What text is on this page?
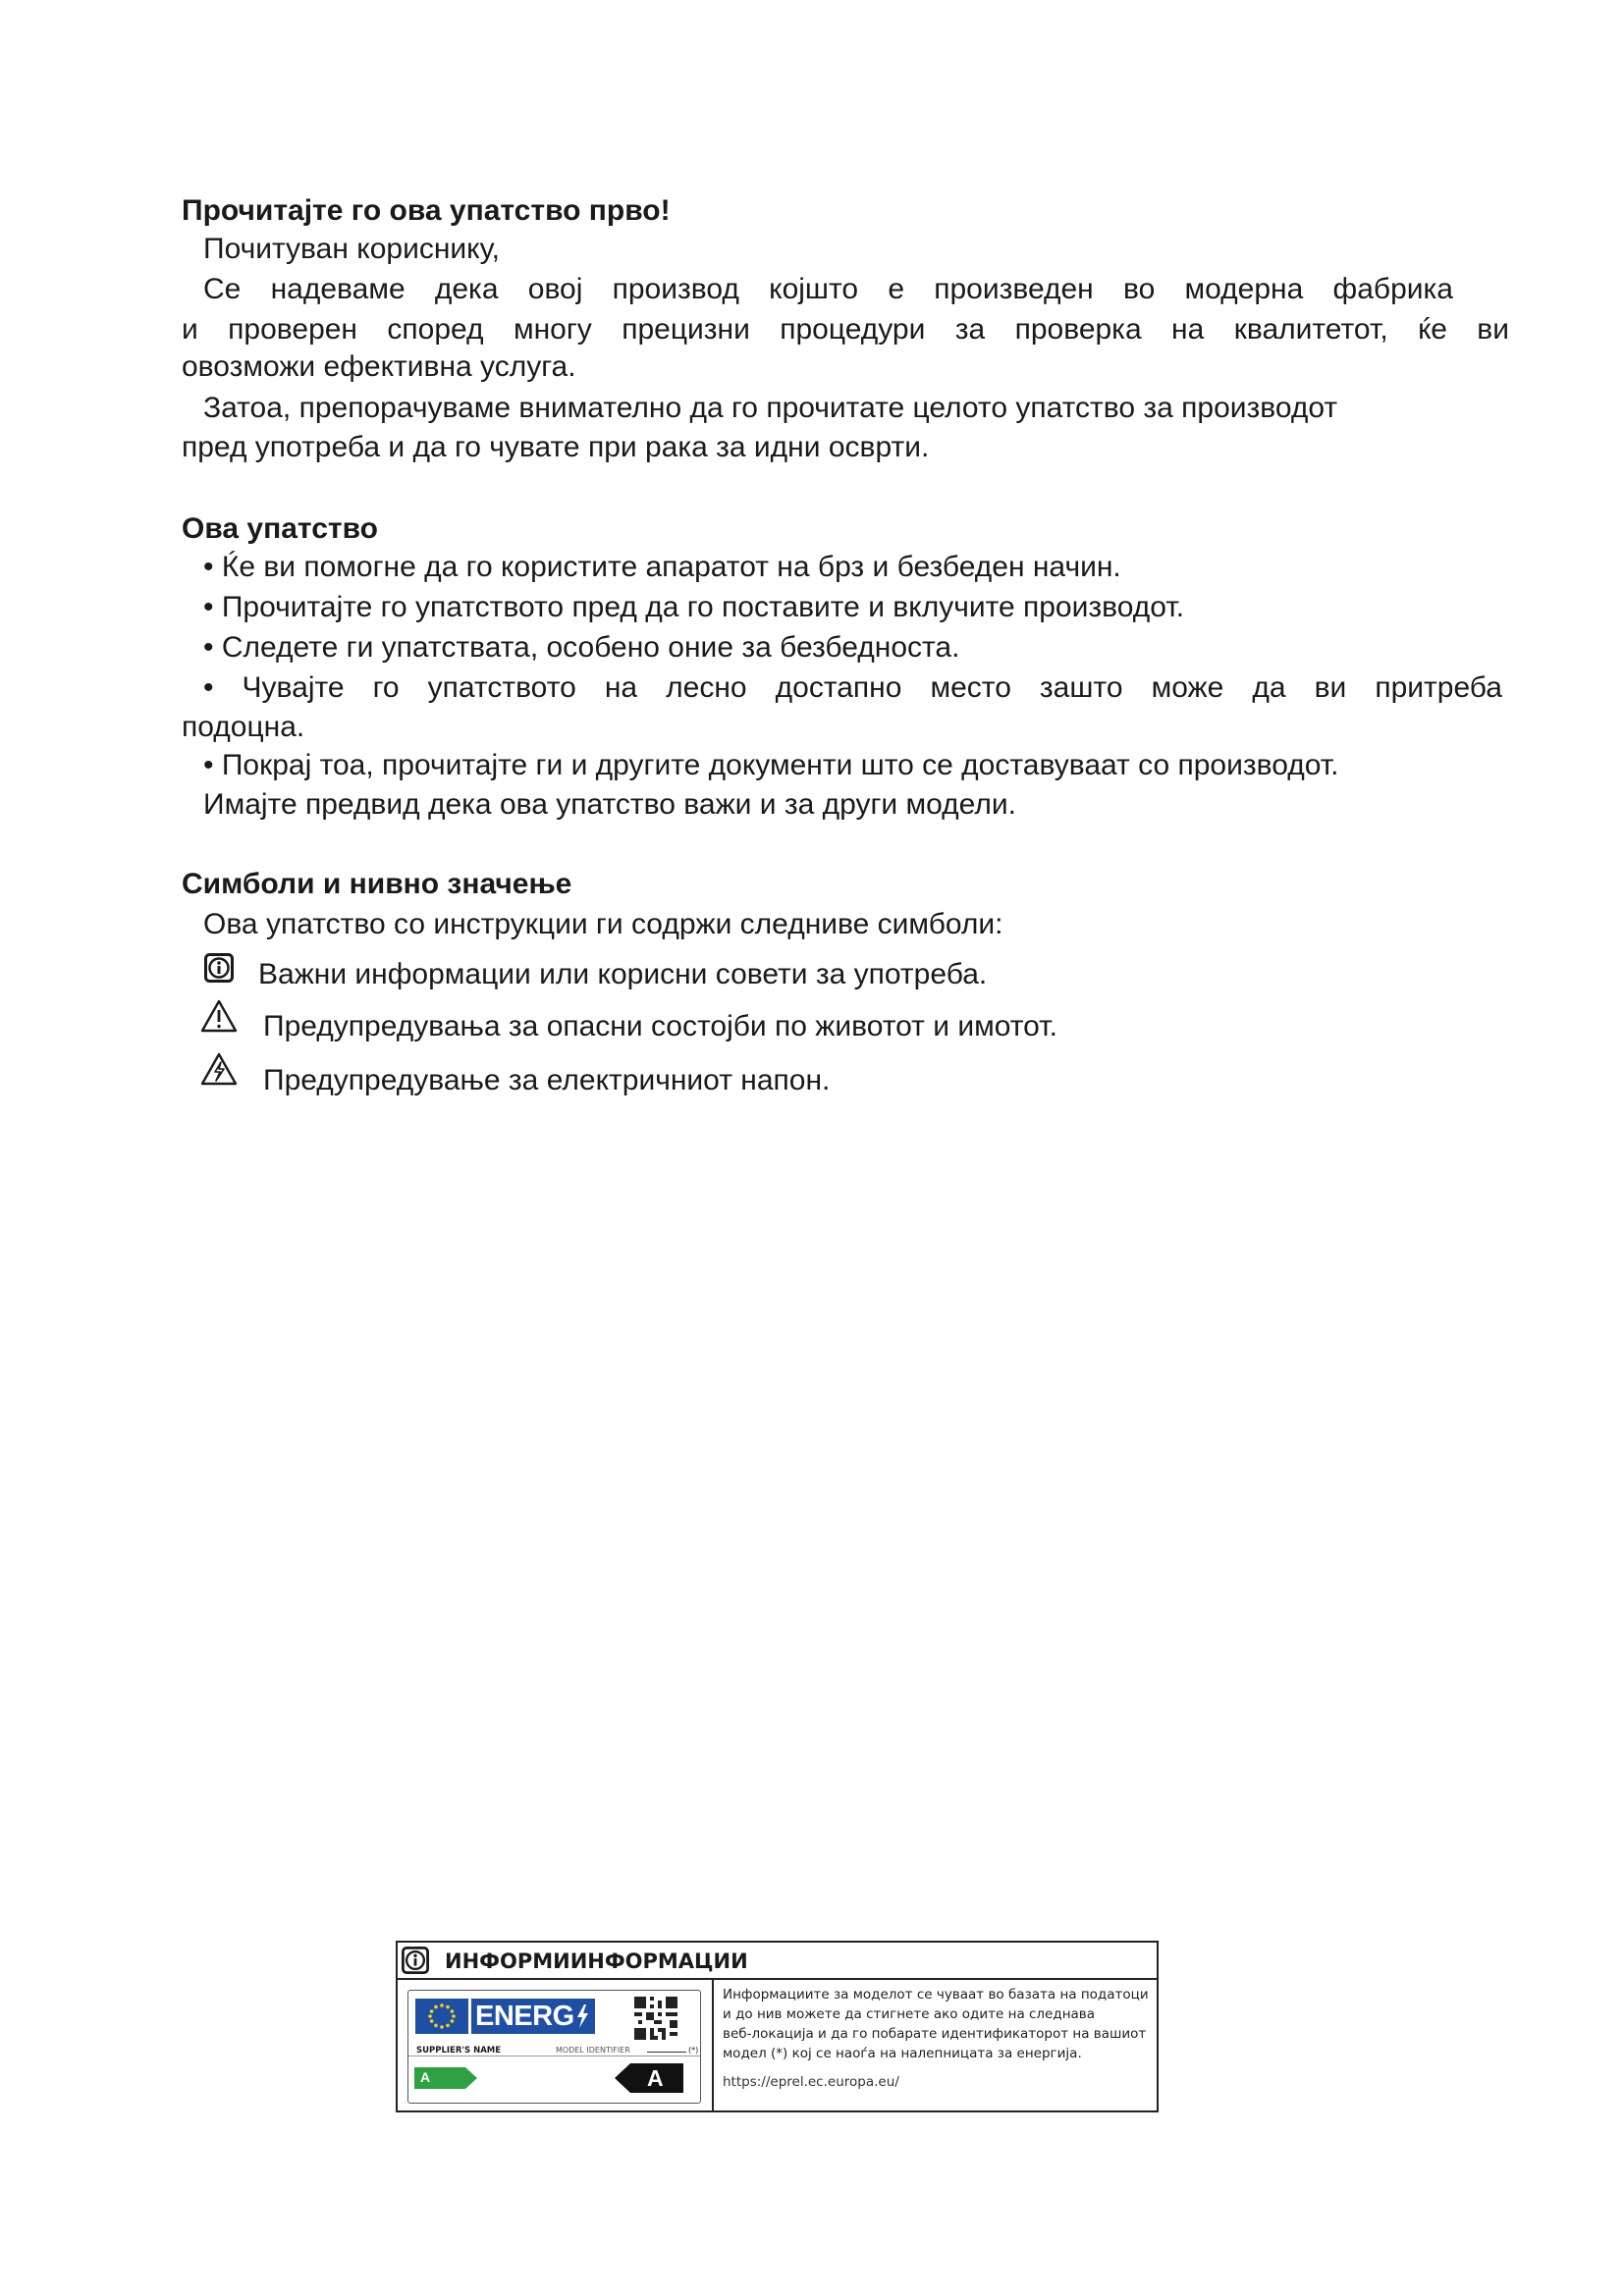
Прочитајте го ова упатство прво!
Почитуван кориснику,
Се надеваме дека овој производ којшто е произведен во модерна фабрика
и проверен според многу прецизни процедури за проверка на квалитетот, ќе ви
овозможи ефективна услуга.
Затоа, препорачуваме внимателно да го прочитате целото упатство за производот
пред употреба и да го чувате при рака за идни осврти.
Ова упатство
• Ќе ви помогне да го користите апаратот на брз и безбеден начин.
• Прочитајте го упатството пред да го поставите и вклучите производот.
• Следете ги упатствата, особено оние за безбедноста.
• Чувајте го упатството на лесно достапно место зашто може да ви притреба
подоцна.
• Покрај тоа, прочитајте ги и другите документи што се доставуваат со производот.
Имајте предвид дека ова упатство важи и за други модели.
Симболи и нивно значење
Ова упатство со инструкции ги содржи следниве симболи:
Важни информации или корисни совети за употреба.
Предупредувања за опасни состојби по животот и имотот.
Предупредување за електричниот напон.
ИНФОРМИИНФОРМАЦИИ
ENERG
SUPPLIER'S NAME	MODEL IDENTIFIER	(*)
A	A
Информациите за моделот се чуваат во базата на податоци
и до нив можете да стигнете ако одите на следнава
веб-локација и да го побарате идентификаторот на вашиот
модел (*) кој се наоѓа на налепницата за енергија.
https://eprel.ec.europa.eu/
